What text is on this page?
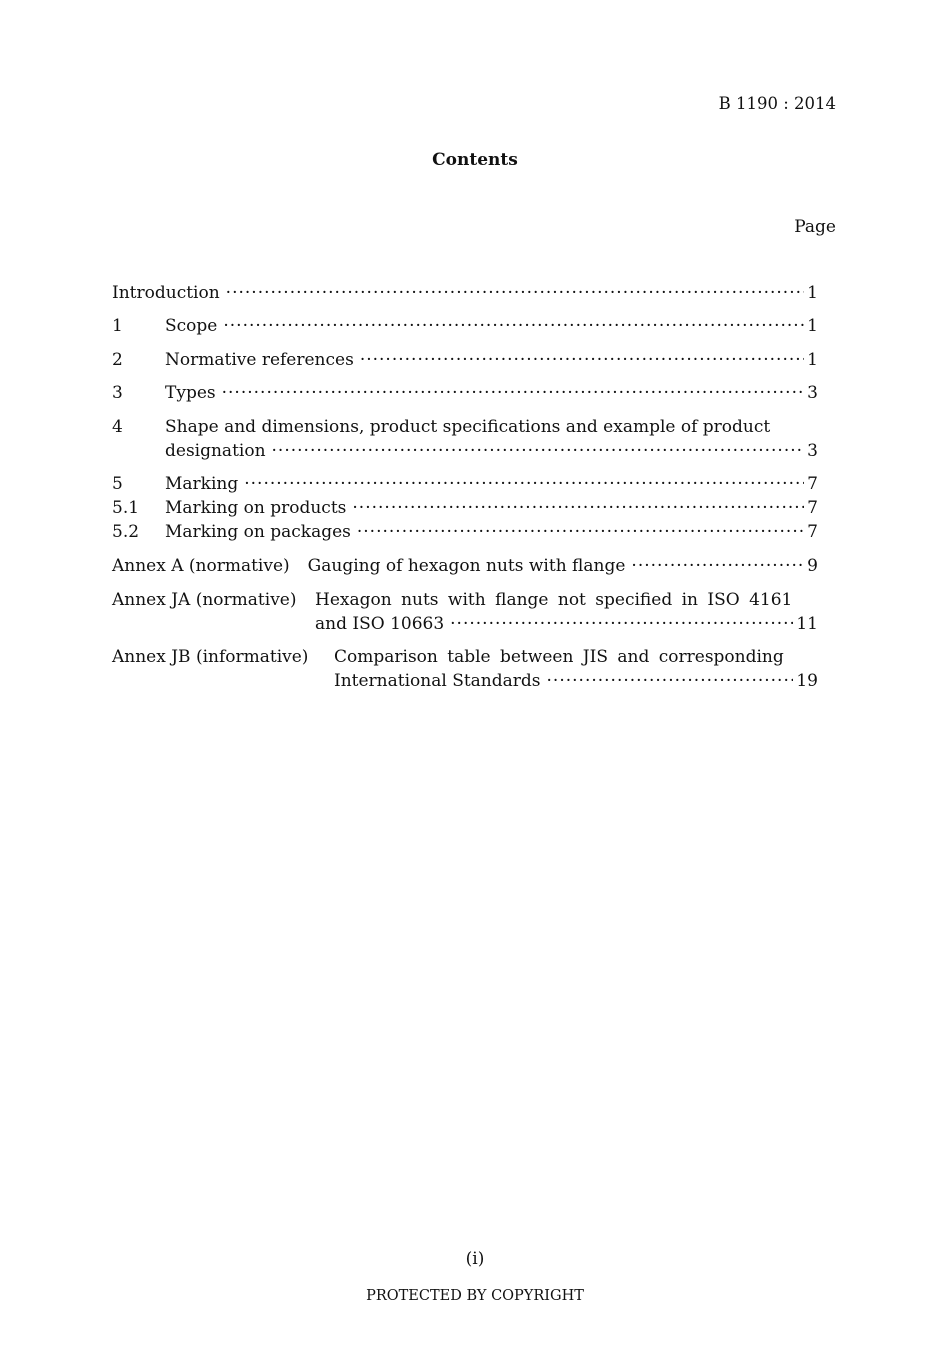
B 1190 : 2014
Contents
Page
Introduction ·····	1
1	Scope ·····	1
2	Normative references ·····	1
3	Types ·····	3
4	Shape and dimensions, product specifications and example of product
designation ·····	3
5	Marking ·····	7
5.1	Marking on products ·····	7
5.2	Marking on packages ·····	7
Annex A (normative) Gauging of hexagon nuts with flange ·····	9
Annex JA (normative)	Hexagon nuts with flange not specified in ISO 4161
and ISO 10663 ·····	11
Annex JB (informative)	Comparison table between JIS and corresponding
International Standards ·····	19
(i)
PROTECTED BY COPYRIGHT
